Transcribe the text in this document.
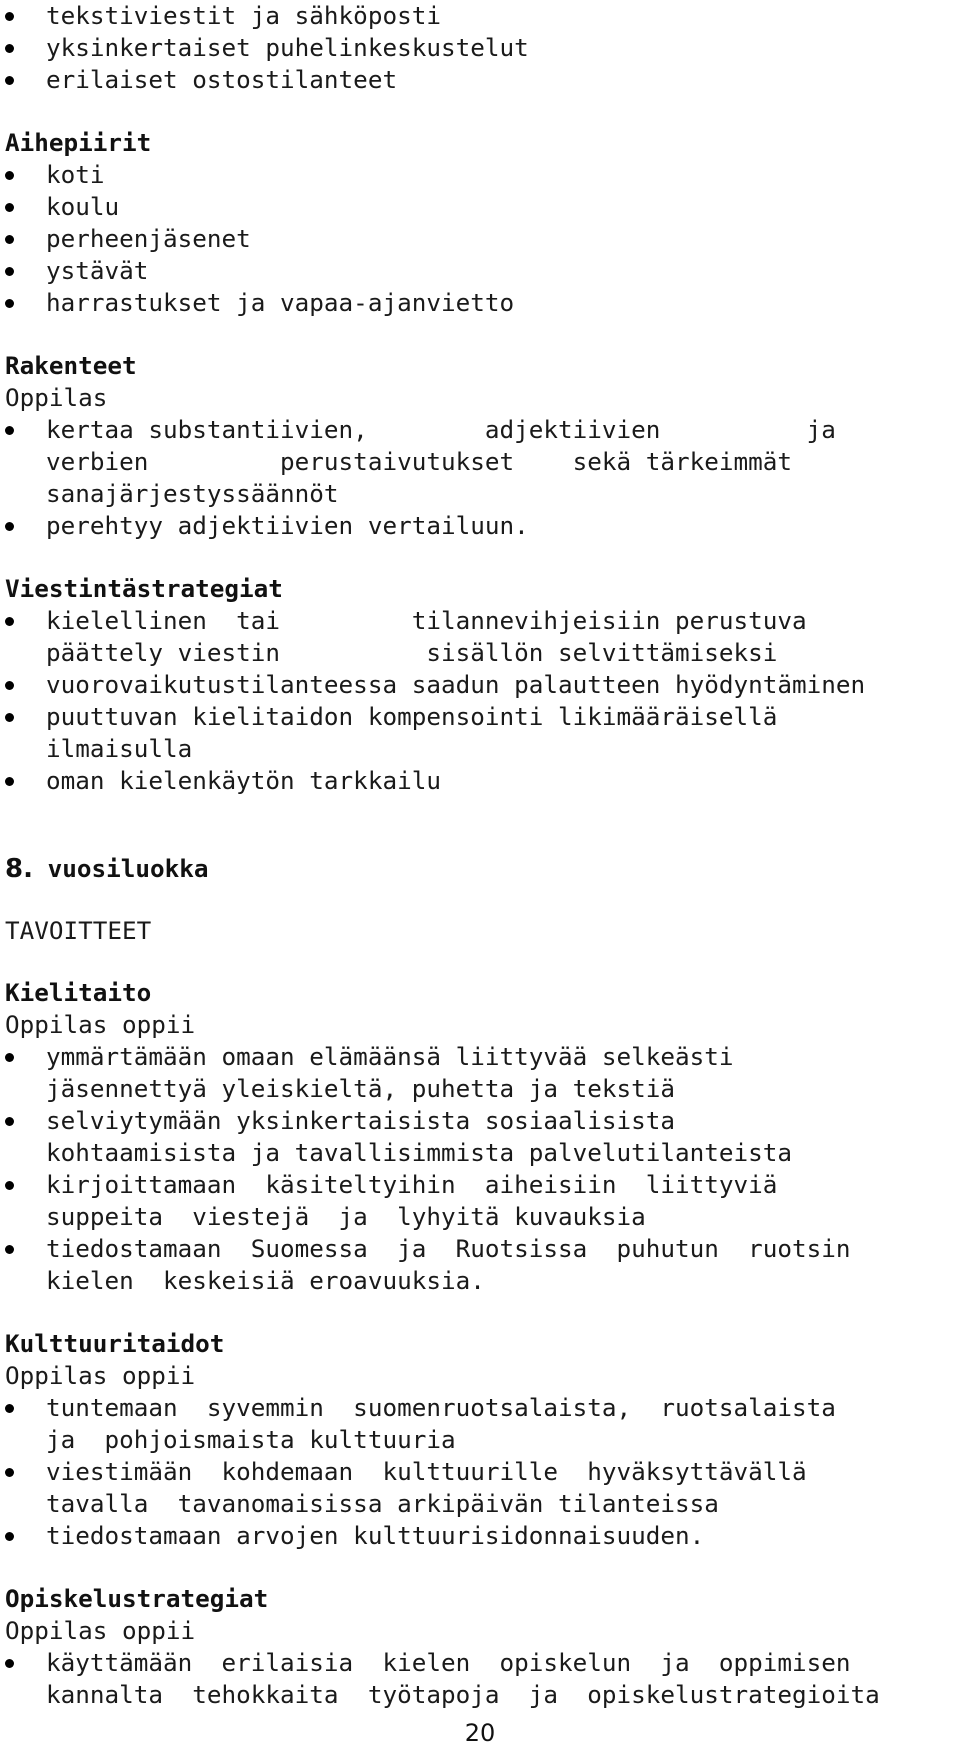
tekstiviestit ja sähköposti
yksinkertaiset puhelinkeskustelut
erilaiset ostostilanteet
Aihepiirit
koti
koulu
perheenjäsenet
ystävät
harrastukset ja vapaa-ajanvietto
Rakenteet
Oppilas
kertaa substantiivien,        adjektiivien          ja
verbien         perustaivutukset    sekä tärkeimmät
sanajärjestyssäännöt
perehtyy adjektiivien vertailuun.
Viestintästrategiat
kielellinen  tai         tilannevihjeisiin perustuva
päättely viestin          sisällön selvittämiseksi
vuorovaikutustilanteessa saadun palautteen hyödyntäminen
puuttuvan kielitaidon kompensointi likimääräisellä
ilmaisulla
oman kielenkäytön tarkkailu
8. vuosiluokka
TAVOITTEET
Kielitaito
Oppilas oppii
ymmärtämään omaan elämäänsä liittyvää selkeästi
jäsennettyä yleiskieltä, puhetta ja tekstiä
selviytymään yksinkertaisista sosiaalisista
kohtaamisista ja tavallisimmista palvelutilanteista
kirjoittamaan  käsiteltyihin  aiheisiin  liittyviä
suppeita  viestejä  ja  lyhyitä kuvauksia
tiedostamaan  Suomessa  ja  Ruotsissa  puhutun  ruotsin
kielen  keskeisiä eroavuuksia.
Kulttuuritaidot
Oppilas oppii
tuntemaan  syvemmin  suomenruotsalaista,  ruotsalaista
ja  pohjoismaista kulttuuria
viestimään  kohdemaan  kulttuurille  hyväksyttävällä
tavalla  tavanomaisissa arkipäivän tilanteissa
tiedostamaan arvojen kulttuurisidonnaisuuden.
Opiskelustrategiat
Oppilas oppii
käyttämään  erilaisia  kielen  opiskelun  ja  oppimisen
kannalta  tehokkaita  työtapoja  ja  opiskelustrategioita
20
